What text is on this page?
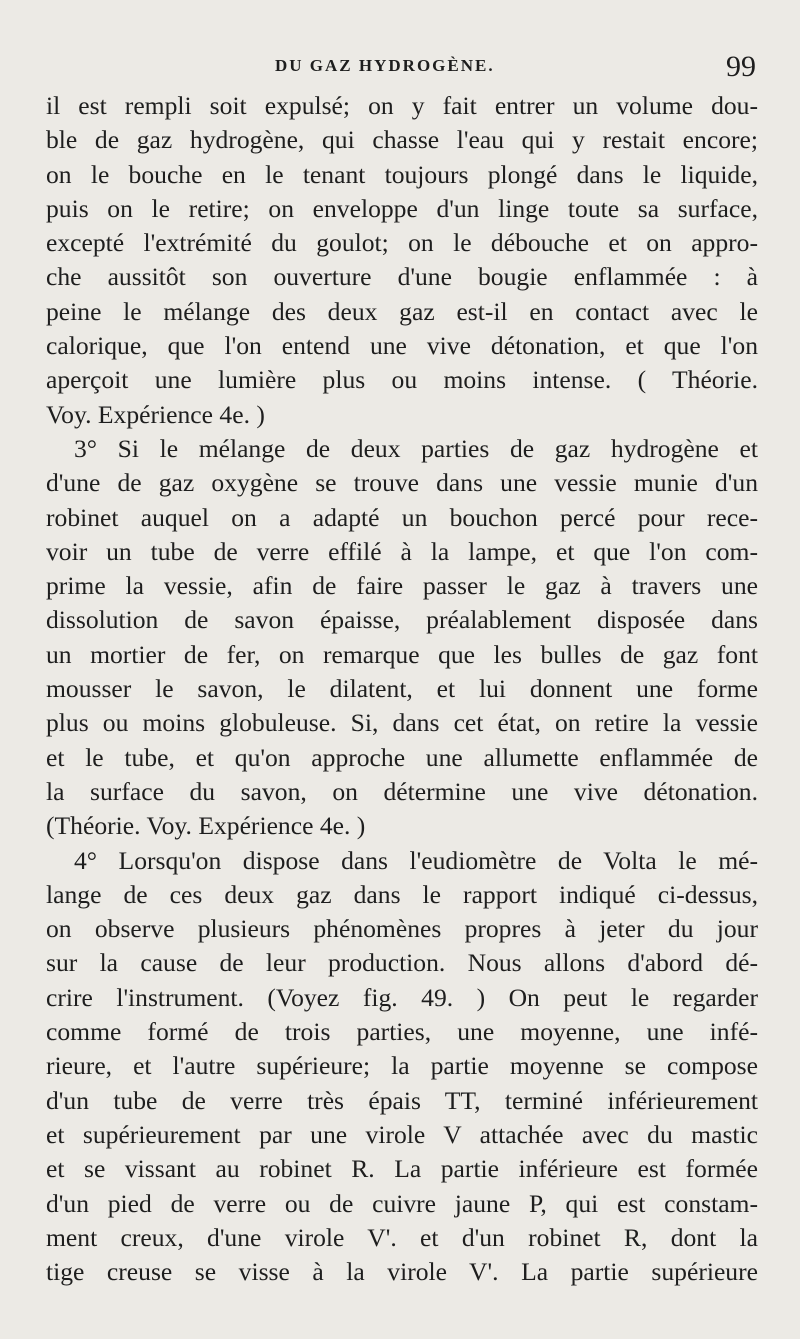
DU GAZ HYDROGÈNE.	99
il est rempli soit expulsé; on y fait entrer un volume dou-
ble de gaz hydrogène, qui chasse l'eau qui y restait encore;
on le bouche en le tenant toujours plongé dans le liquide,
puis on le retire; on enveloppe d'un linge toute sa surface,
excepté l'extrémité du goulot; on le débouche et on appro-
che aussitôt son ouverture d'une bougie enflammée : à
peine le mélange des deux gaz est-il en contact avec le
calorique, que l'on entend une vive détonation, et que l'on
aperçoit une lumière plus ou moins intense. ( Théorie.
Voy. Expérience 4e. )
3° Si le mélange de deux parties de gaz hydrogène et
d'une de gaz oxygène se trouve dans une vessie munie d'un
robinet auquel on a adapté un bouchon percé pour rece-
voir un tube de verre effilé à la lampe, et que l'on com-
prime la vessie, afin de faire passer le gaz à travers une
dissolution de savon épaisse, préalablement disposée dans
un mortier de fer, on remarque que les bulles de gaz font
mousser le savon, le dilatent, et lui donnent une forme
plus ou moins globuleuse. Si, dans cet état, on retire la vessie
et le tube, et qu'on approche une allumette enflammée de
la surface du savon, on détermine une vive détonation.
(Théorie. Voy. Expérience 4e. )
4° Lorsqu'on dispose dans l'eudiomètre de Volta le mé-
lange de ces deux gaz dans le rapport indiqué ci-dessus,
on observe plusieurs phénomènes propres à jeter du jour
sur la cause de leur production. Nous allons d'abord dé-
crire l'instrument. (Voyez fig. 49. ) On peut le regarder
comme formé de trois parties, une moyenne, une infé-
rieure, et l'autre supérieure; la partie moyenne se compose
d'un tube de verre très épais TT, terminé inférieurement
et supérieurement par une virole V attachée avec du mastic
et se vissant au robinet R. La partie inférieure est formée
d'un pied de verre ou de cuivre jaune P, qui est constam-
ment creux, d'une virole V'. et d'un robinet R, dont la
tige creuse se visse à la virole V'. La partie supérieure
